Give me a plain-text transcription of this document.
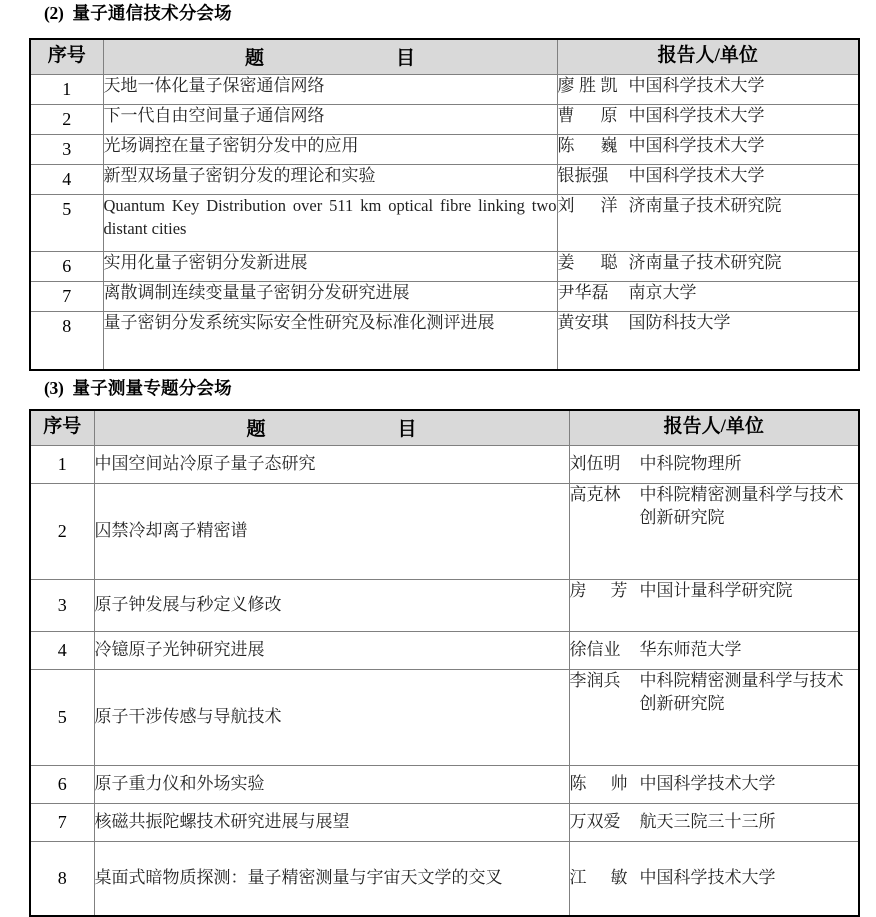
(2) 量子通信技术分会场
序号	题 目	报告人/单位
1	天地一体化量子保密通信网络	廖胜凯 中国科学技术大学

2	下一代自由空间量子通信网络	曹原 中国科学技术大学

3	光场调控在量子密钥分发中的应用	陈巍 中国科学技术大学

4	新型双场量子密钥分发的理论和实验	银振强 中国科学技术大学

5	Quantum Key Distribution over 511 km optical fibre linking two distant cities	刘洋 济南量子技术研究院

6	实用化量子密钥分发新进展	姜聪 济南量子技术研究院

7	离散调制连续变量量子密钥分发研究进展	尹华磊 南京大学

8	量子密钥分发系统实际安全性研究及标准化测评进展	黄安琪 国防科技大学
(3) 量子测量专题分会场
序号	题 目	报告人/单位
1	中国空间站冷原子量子态研究	刘伍明 中科院物理所

2	囚禁冷却离子精密谱	高克林 中科院精密测量科学与技术创新研究院

3	原子钟发展与秒定义修改	房芳 中国计量科学研究院

4	冷镱原子光钟研究进展	徐信业 华东师范大学

5	原子干涉传感与导航技术	李润兵 中科院精密测量科学与技术创新研究院

6	原子重力仪和外场实验	陈帅 中国科学技术大学

7	核磁共振陀螺技术研究进展与展望	万双爱 航天三院三十三所

8	桌面式暗物质探测：量子精密测量与宇宙天文学的交叉	江敏 中国科学技术大学
